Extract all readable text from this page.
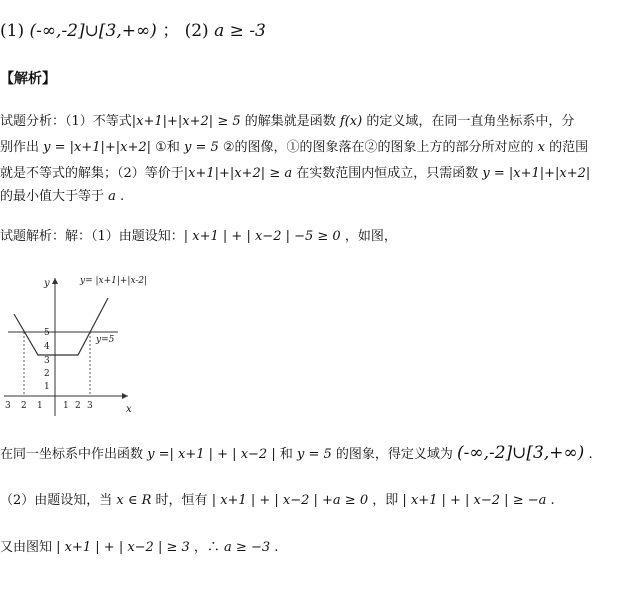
(1) (-∞,-2]∪[3,+∞) ； (2) a ≥ -3
【解析】
试题分析：（1）不等式|x+1|+|x+2| ≥ 5 的解集就是函数 f(x) 的定义域，在同一直角坐标系中，分
别作出 y = |x+1|+|x+2| ①和 y = 5 ②的图像，①的图象落在②的图象上方的部分所对应的 x 的范围
就是不等式的解集；（2）等价于|x+1|+|x+2| ≥ a 在实数范围内恒成立，只需函数 y = |x+1|+|x+2|
的最小值大于等于 a .
试题解析：解：（1）由题设知：| x+1 | + | x−2 | −5 ≥ 0 ，如图，
y
x
y=5
y= |x+1|+|x-2|
5
4
3
2
1
3 2 1 1 2 3
在同一坐标系中作出函数 y =| x+1 | + | x−2 | 和 y = 5 的图象，得定义域为 (-∞,-2]∪[3,+∞) .
（2）由题设知，当 x ∈ R 时，恒有 | x+1 | + | x−2 | +a ≥ 0 ，即 | x+1 | + | x−2 | ≥ −a .
又由图知 | x+1 | + | x−2 | ≥ 3 ，∴ a ≥ −3 .
